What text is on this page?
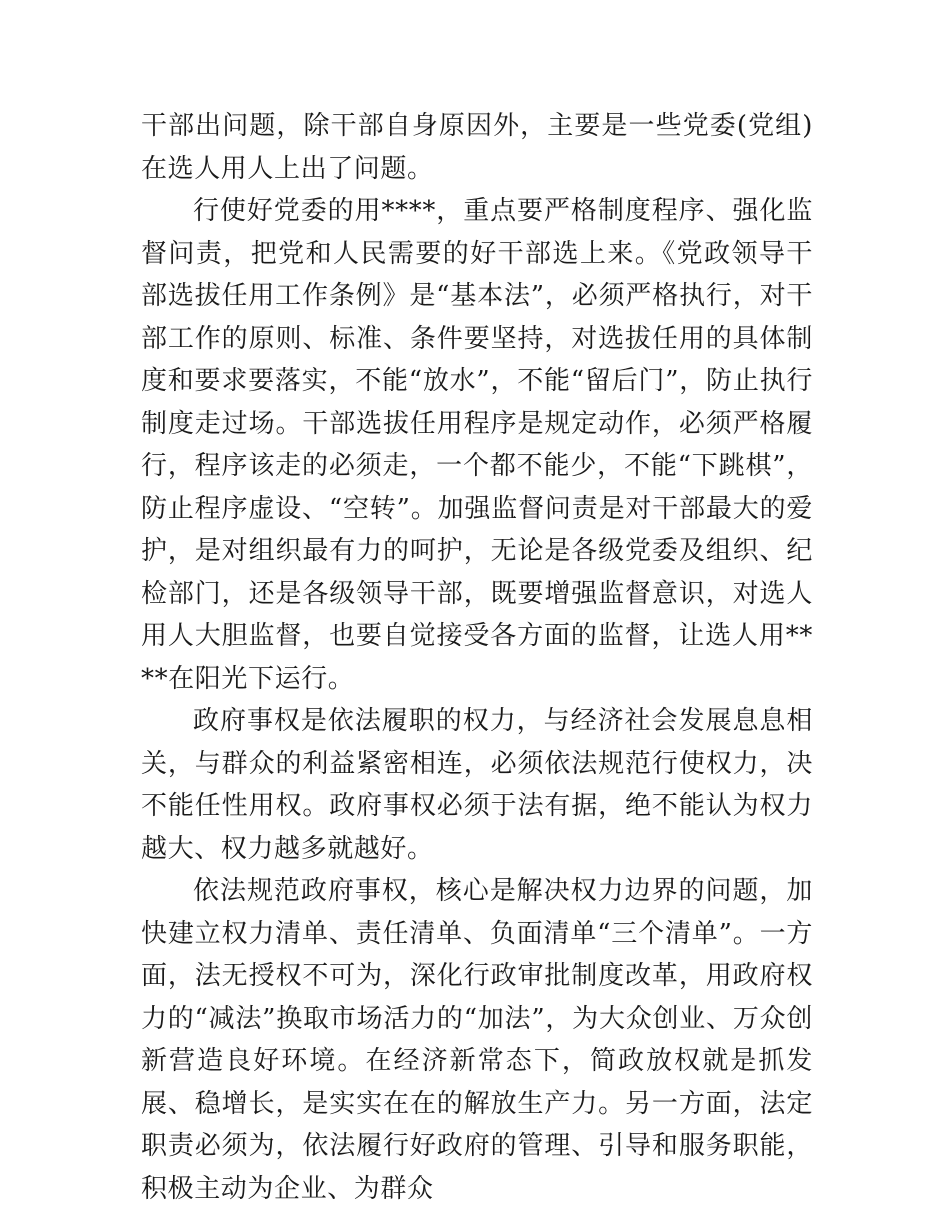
干部出问题，除干部自身原因外，主要是一些党委(党组)在选人用人上出了问题。

行使好党委的用****，重点要严格制度程序、强化监督问责，把党和人民需要的好干部选上来。《党政领导干部选拔任用工作条例》是“基本法”，必须严格执行，对干部工作的原则、标准、条件要坚持，对选拔任用的具体制度和要求要落实，不能“放水”，不能“留后门”，防止执行制度走过场。干部选拔任用程序是规定动作，必须严格履行，程序该走的必须走，一个都不能少，不能“下跳棋”，防止程序虚设、“空转”。加强监督问责是对干部最大的爱护，是对组织最有力的呵护，无论是各级党委及组织、纪检部门，还是各级领导干部，既要增强监督意识，对选人用人大胆监督，也要自觉接受各方面的监督，让选人用****在阳光下运行。

政府事权是依法履职的权力，与经济社会发展息息相关，与群众的利益紧密相连，必须依法规范行使权力，决不能任性用权。政府事权必须于法有据，绝不能认为权力越大、权力越多就越好。

依法规范政府事权，核心是解决权力边界的问题，加快建立权力清单、责任清单、负面清单“三个清单”。一方面，法无授权不可为，深化行政审批制度改革，用政府权力的“减法”换取市场活力的“加法”，为大众创业、万众创新营造良好环境。在经济新常态下，简政放权就是抓发展、稳增长，是实实在在的解放生产力。另一方面，法定职责必须为，依法履行好政府的管理、引导和服务职能，积极主动为企业、为群众
